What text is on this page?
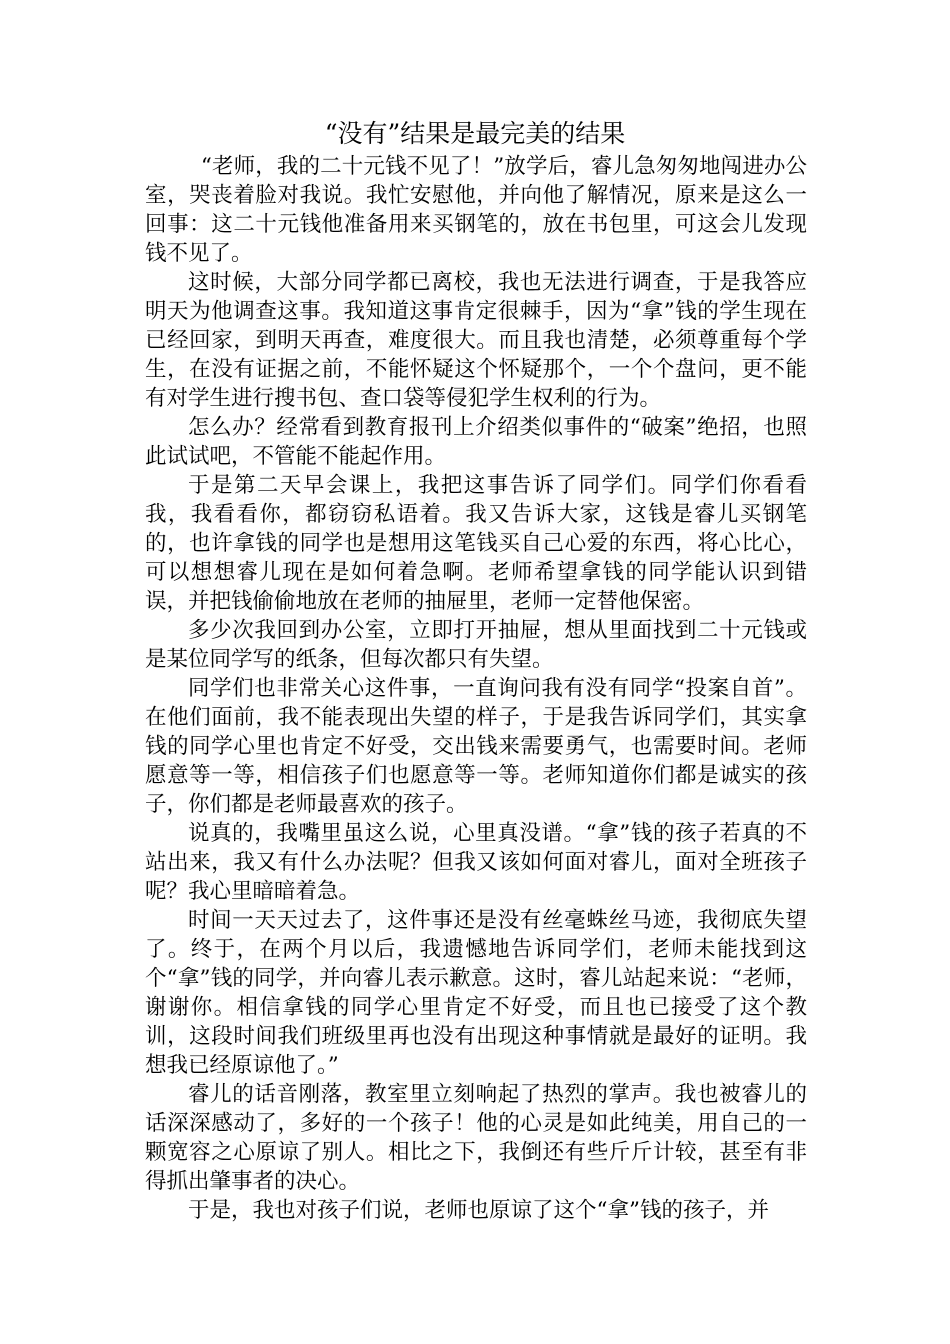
“没有”结果是最完美的结果

“老师，我的二十元钱不见了！”放学后，睿儿急匆匆地闯进办公室，哭丧着脸对我说。我忙安慰他，并向他了解情况，原来是这么一回事：这二十元钱他准备用来买钢笔的，放在书包里，可这会儿发现钱不见了。

这时候，大部分同学都已离校，我也无法进行调查，于是我答应明天为他调查这事。我知道这事肯定很棘手，因为“拿”钱的学生现在已经回家，到明天再查，难度很大。而且我也清楚，必须尊重每个学生，在没有证据之前，不能怀疑这个怀疑那个，一个个盘问，更不能有对学生进行搜书包、查口袋等侵犯学生权利的行为。

怎么办？经常看到教育报刊上介绍类似事件的“破案”绝招，也照此试试吧，不管能不能起作用。

于是第二天早会课上，我把这事告诉了同学们。同学们你看看我，我看看你，都窃窃私语着。我又告诉大家，这钱是睿儿买钢笔的，也许拿钱的同学也是想用这笔钱买自己心爱的东西，将心比心，可以想想睿儿现在是如何着急啊。老师希望拿钱的同学能认识到错误，并把钱偷偷地放在老师的抽屉里，老师一定替他保密。

多少次我回到办公室，立即打开抽屉，想从里面找到二十元钱或是某位同学写的纸条，但每次都只有失望。

同学们也非常关心这件事，一直询问我有没有同学“投案自首”。在他们面前，我不能表现出失望的样子，于是我告诉同学们，其实拿钱的同学心里也肯定不好受，交出钱来需要勇气，也需要时间。老师愿意等一等，相信孩子们也愿意等一等。老师知道你们都是诚实的孩子，你们都是老师最喜欢的孩子。

说真的，我嘴里虽这么说，心里真没谱。“拿”钱的孩子若真的不站出来，我又有什么办法呢？但我又该如何面对睿儿，面对全班孩子呢？我心里暗暗着急。

时间一天天过去了，这件事还是没有丝毫蛛丝马迹，我彻底失望了。终于，在两个月以后，我遗憾地告诉同学们，老师未能找到这个“拿”钱的同学，并向睿儿表示歉意。这时，睿儿站起来说：“老师，谢谢你。相信拿钱的同学心里肯定不好受，而且也已接受了这个教训，这段时间我们班级里再也没有出现这种事情就是最好的证明。我想我已经原谅他了。”

睿儿的话音刚落，教室里立刻响起了热烈的掌声。我也被睿儿的话深深感动了，多好的一个孩子！他的心灵是如此纯美，用自己的一颗宽容之心原谅了别人。相比之下，我倒还有些斤斤计较，甚至有非得抓出肇事者的决心。

于是，我也对孩子们说，老师也原谅了这个“拿”钱的孩子，并
